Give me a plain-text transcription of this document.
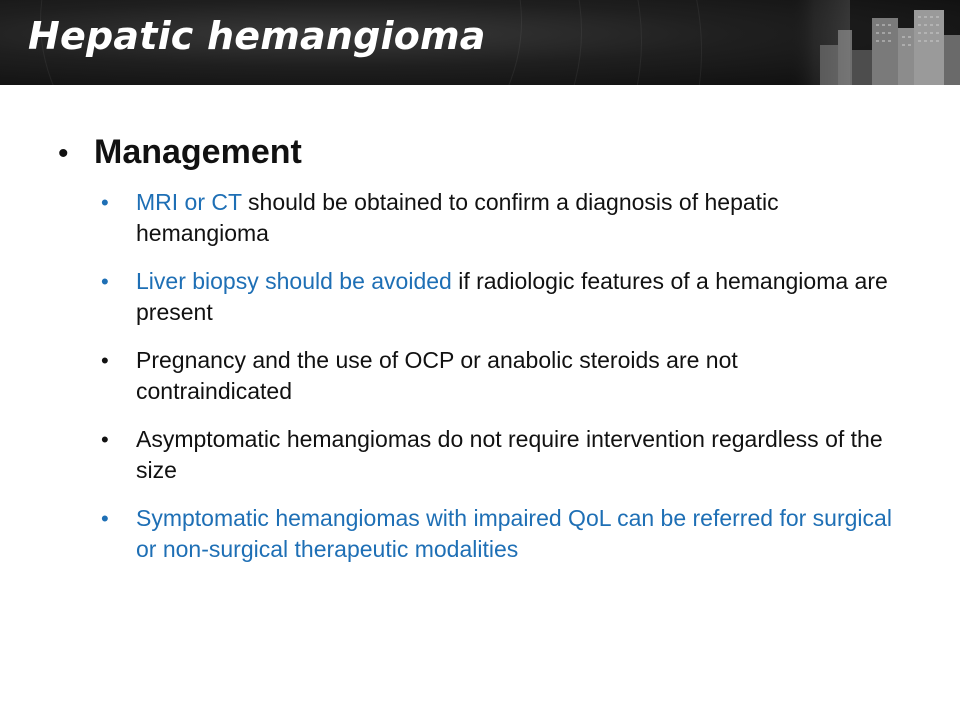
Hepatic hemangioma
• Management
•	MRI or CT should be obtained to confirm a diagnosis of hepatic hemangioma
•	Liver biopsy should be avoided if radiologic features of a hemangioma are present
•	Pregnancy and the use of OCP or anabolic steroids are not contraindicated
•	Asymptomatic hemangiomas do not require intervention regardless of the size
•	Symptomatic hemangiomas with impaired QoL can be referred for surgical or non-surgical therapeutic modalities
